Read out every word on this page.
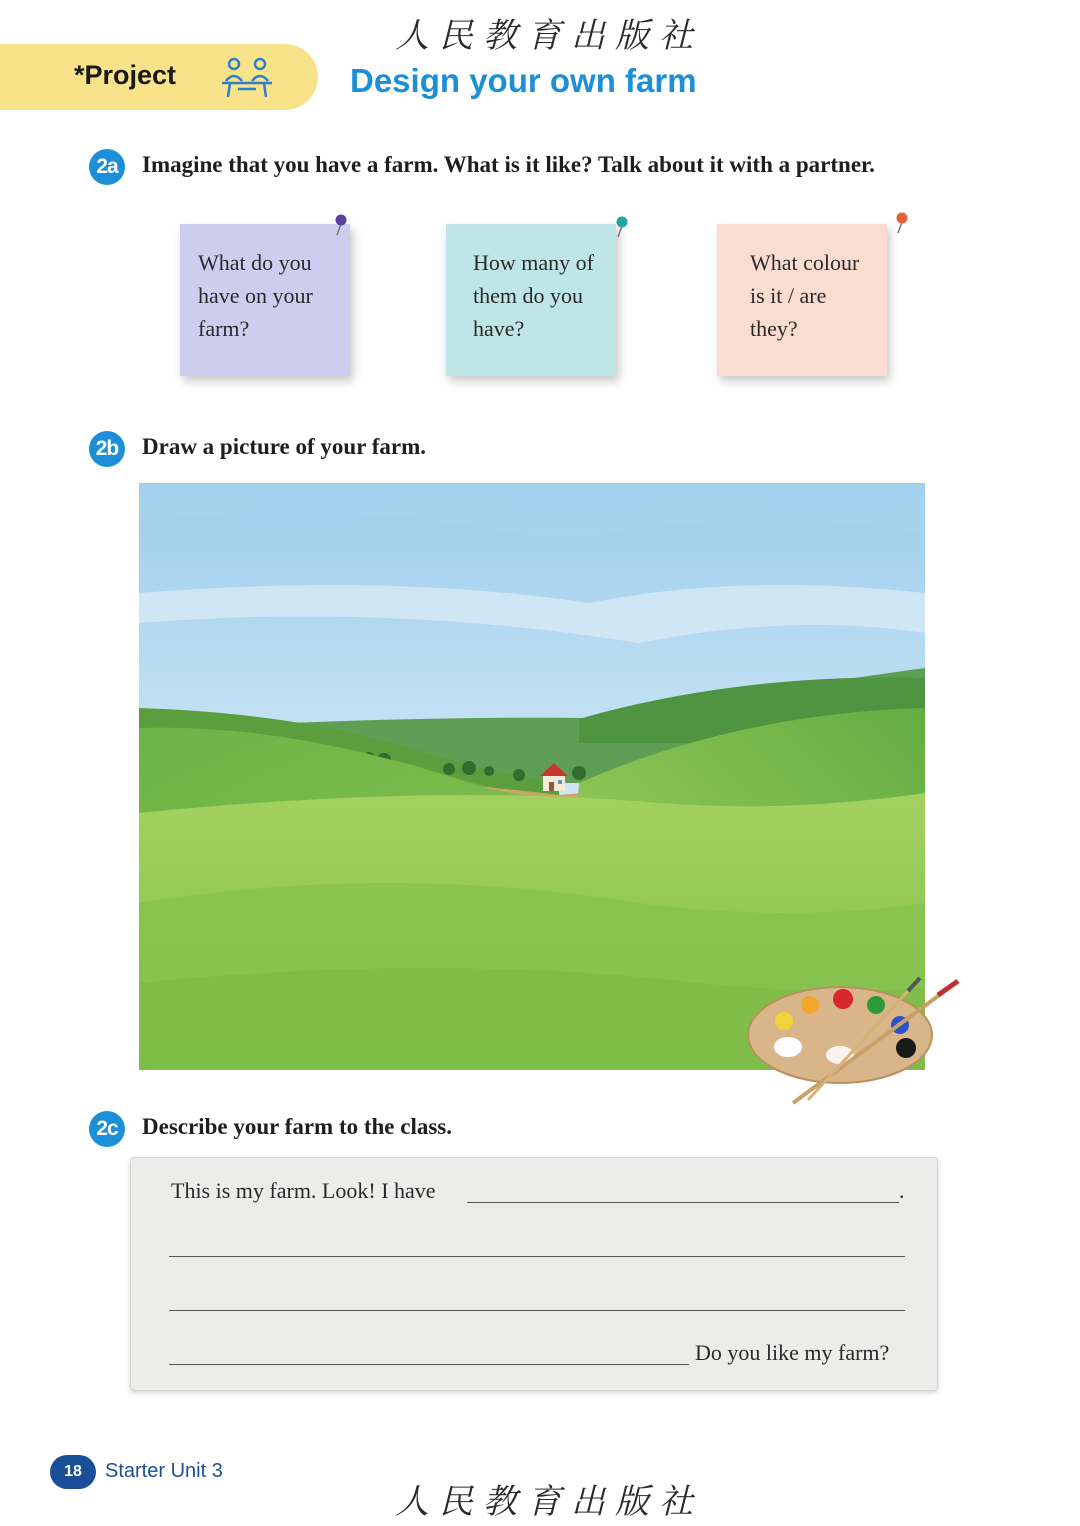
人民教育出版社
*Project	Design your own farm
2a	Imagine that you have a farm. What is it like? Talk about it with a partner.
What do you
have on your
farm?
How many of
them do you
have?
What colour
is it / are
they?
2b Draw a picture of your farm.
2c	Describe your farm to the class.
This is my farm. Look! I have	.
Do you like my farm?
18	Starter Unit 3
人民教育出版社
